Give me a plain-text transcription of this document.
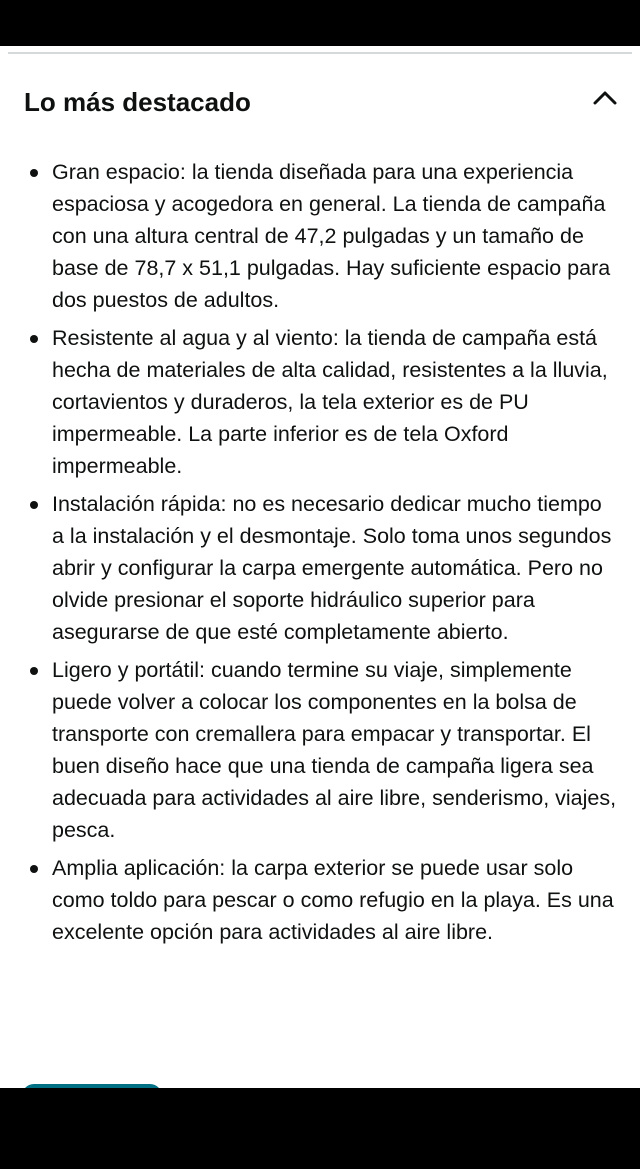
Lo más destacado
Gran espacio: la tienda diseñada para una experiencia espaciosa y acogedora en general. La tienda de campaña con una altura central de 47,2 pulgadas y un tamaño de base de 78,7 x 51,1 pulgadas. Hay suficiente espacio para dos puestos de adultos.
Resistente al agua y al viento: la tienda de campaña está hecha de materiales de alta calidad, resistentes a la lluvia, cortavientos y duraderos, la tela exterior es de PU impermeable. La parte inferior es de tela Oxford impermeable.
Instalación rápida: no es necesario dedicar mucho tiempo a la instalación y el desmontaje. Solo toma unos segundos abrir y configurar la carpa emergente automática. Pero no olvide presionar el soporte hidráulico superior para asegurarse de que esté completamente abierto.
Ligero y portátil: cuando termine su viaje, simplemente puede volver a colocar los componentes en la bolsa de transporte con cremallera para empacar y transportar. El buen diseño hace que una tienda de campaña ligera sea adecuada para actividades al aire libre, senderismo, viajes, pesca.
Amplia aplicación: la carpa exterior se puede usar solo como toldo para pescar o como refugio en la playa. Es una excelente opción para actividades al aire libre.
